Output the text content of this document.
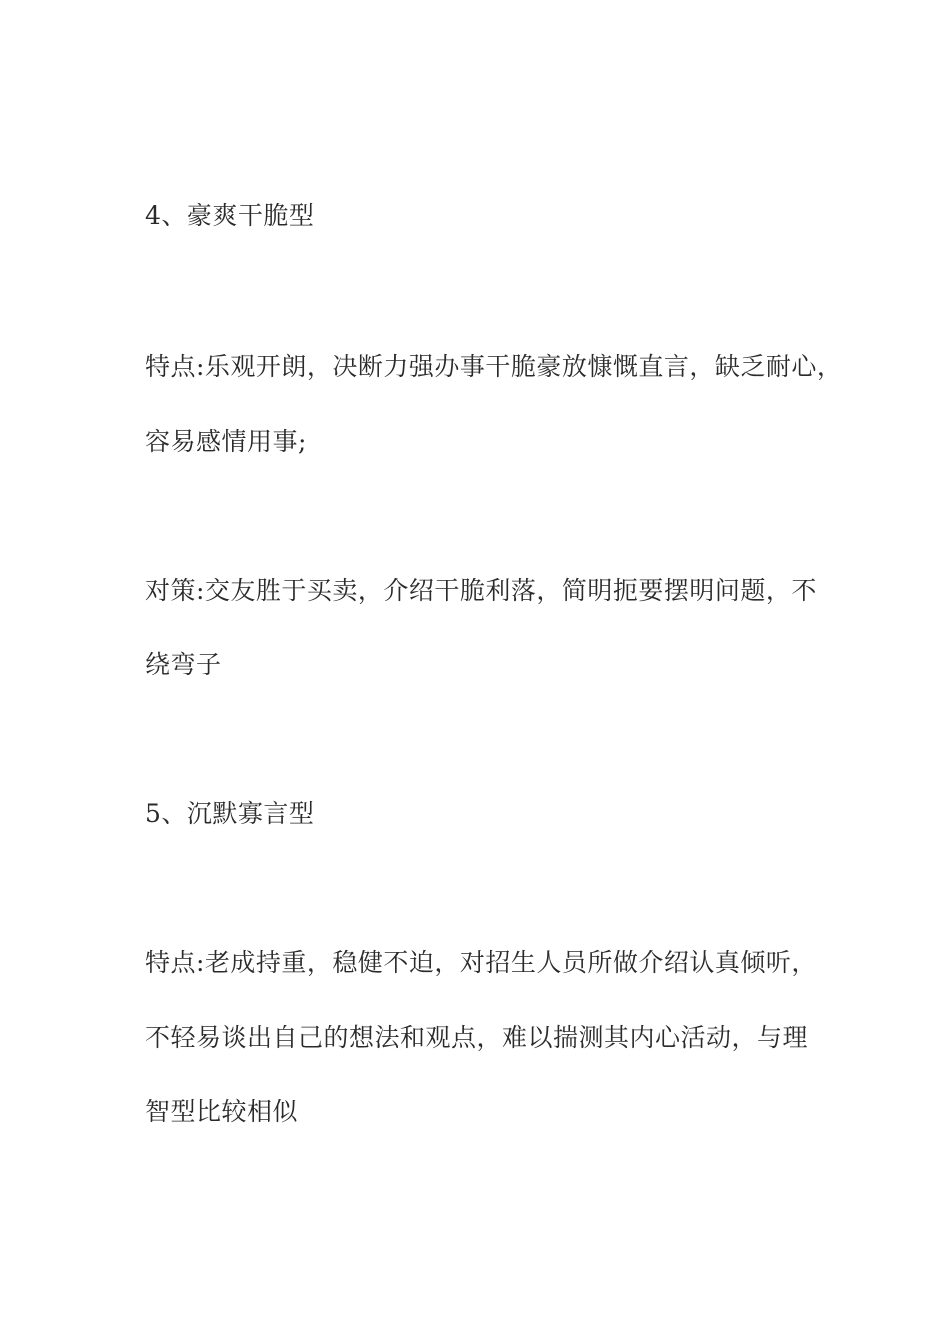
4、豪爽干脆型
特点:乐观开朗，决断力强办事干脆豪放慷慨直言，缺乏耐心，
容易感情用事;
对策:交友胜于买卖，介绍干脆利落，简明扼要摆明问题，不
绕弯子
5、沉默寡言型
特点:老成持重，稳健不迫，对招生人员所做介绍认真倾听，
不轻易谈出自己的想法和观点，难以揣测其内心活动，与理
智型比较相似
